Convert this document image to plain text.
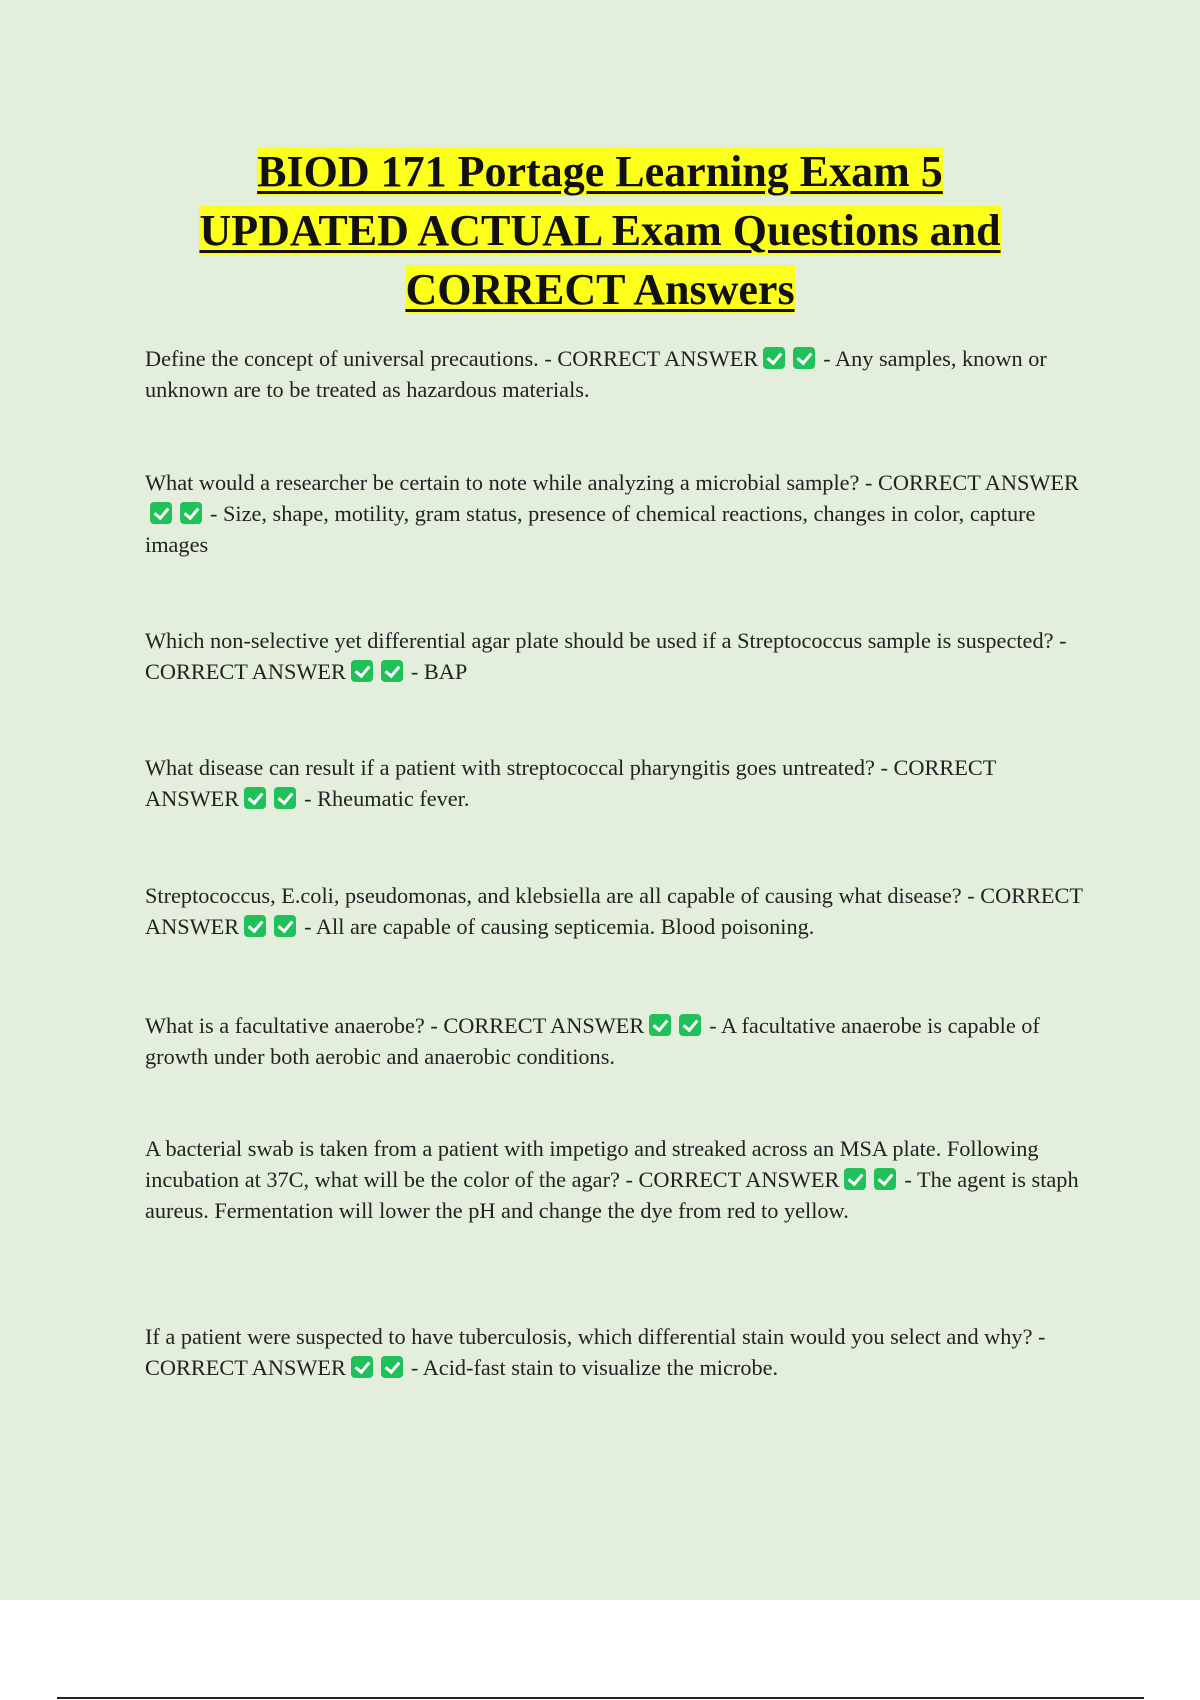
BIOD 171 Portage Learning Exam 5
UPDATED ACTUAL Exam Questions and
CORRECT Answers

Define the concept of universal precautions. - CORRECT ANSWER	- Any samples, known or unknown are to be treated as hazardous materials.

What would a researcher be certain to note while analyzing a microbial sample? - CORRECT ANSWER- Size, shape, motility, gram status, presence of chemical reactions, changes in color, capture images

Which non-selective yet differential agar plate should be used if a Streptococcus sample is suspected? - CORRECT ANSWER	- BAP

What disease can result if a patient with streptococcal pharyngitis goes untreated? - CORRECT ANSWER	- Rheumatic fever.

Streptococcus, E.coli, pseudomonas, and klebsiella are all capable of causing what disease? - CORRECT ANSWER	- All are capable of causing septicemia. Blood poisoning.

What is a facultative anaerobe? - CORRECT ANSWER	- A facultative anaerobe is capable of growth under both aerobic and anaerobic conditions.

A bacterial swab is taken from a patient with impetigo and streaked across an MSA plate. Following incubation at 37C, what will be the color of the agar? - CORRECT ANSWER	- The agent is staph aureus. Fermentation will lower the pH and change the dye from red to yellow.

If a patient were suspected to have tuberculosis, which differential stain would you select and why? - CORRECT ANSWER	- Acid-fast stain to visualize the microbe.
